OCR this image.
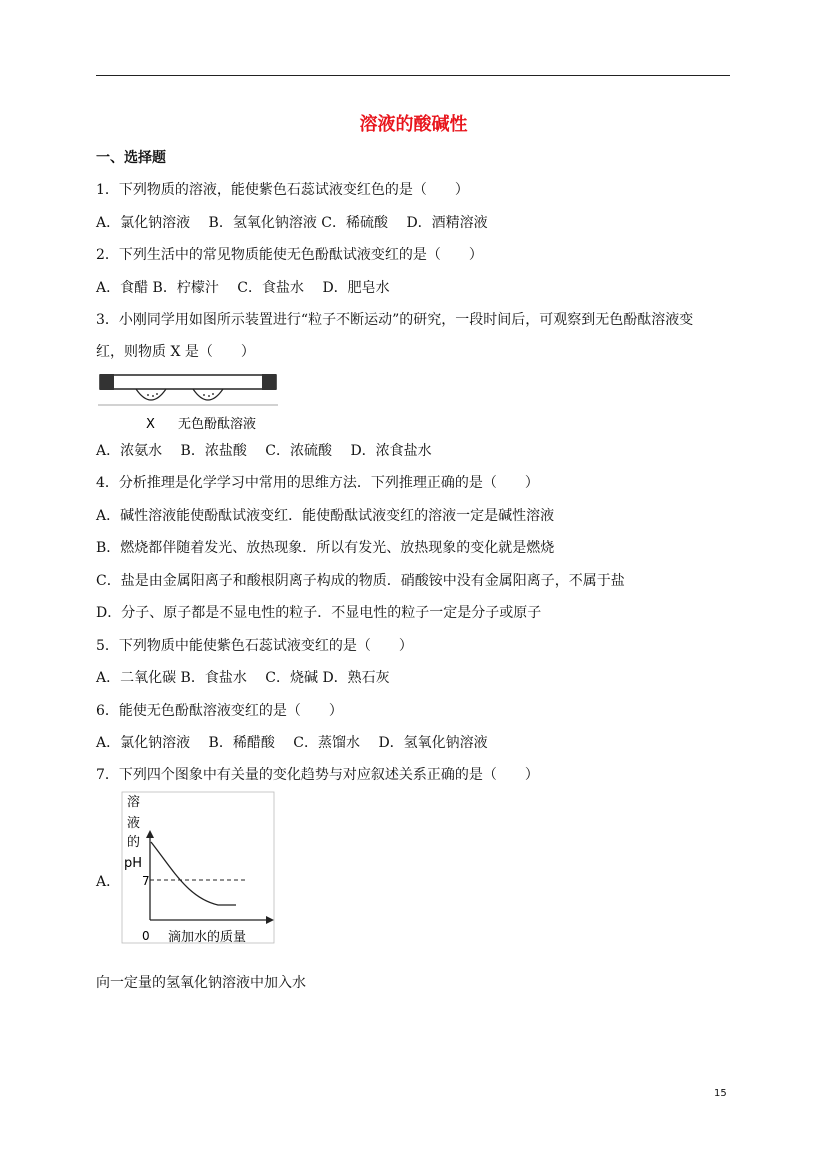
溶液的酸碱性
一、选择题
1．下列物质的溶液，能使紫色石蕊试液变红色的是（　　）
A．氯化钠溶液　 B．氢氧化钠溶液 C．稀硫酸　 D．酒精溶液
2．下列生活中的常见物质能使无色酚酞试液变红的是（　　）
A．食醋 B．柠檬汁　 C．食盐水　 D．肥皂水
3．小刚同学用如图所示装置进行“粒子不断运动”的研究，一段时间后，可观察到无色酚酞溶液变
红，则物质 X 是（　　）
X 无色酚酞溶液
A．浓氨水　 B．浓盐酸　 C．浓硫酸　 D．浓食盐水
4．分析推理是化学学习中常用的思维方法．下列推理正确的是（　　）
A．碱性溶液能使酚酞试液变红．能使酚酞试液变红的溶液一定是碱性溶液
B．燃烧都伴随着发光、放热现象．所以有发光、放热现象的变化就是燃烧
C．盐是由金属阳离子和酸根阴离子构成的物质．硝酸铵中没有金属阳离子，不属于盐
D．分子、原子都是不显电性的粒子．不显电性的粒子一定是分子或原子
5．下列物质中能使紫色石蕊试液变红的是（　　）
A．二氧化碳 B．食盐水　 C．烧碱 D．熟石灰
6．能使无色酚酞溶液变红的是（　　）
A．氯化钠溶液　 B．稀醋酸　 C．蒸馏水　 D．氢氧化钠溶液
7．下列四个图象中有关量的变化趋势与对应叙述关系正确的是（　　）
A．
溶
液
的
pH
7
0 滴加水的质量
向一定量的氢氧化钠溶液中加入水
15
